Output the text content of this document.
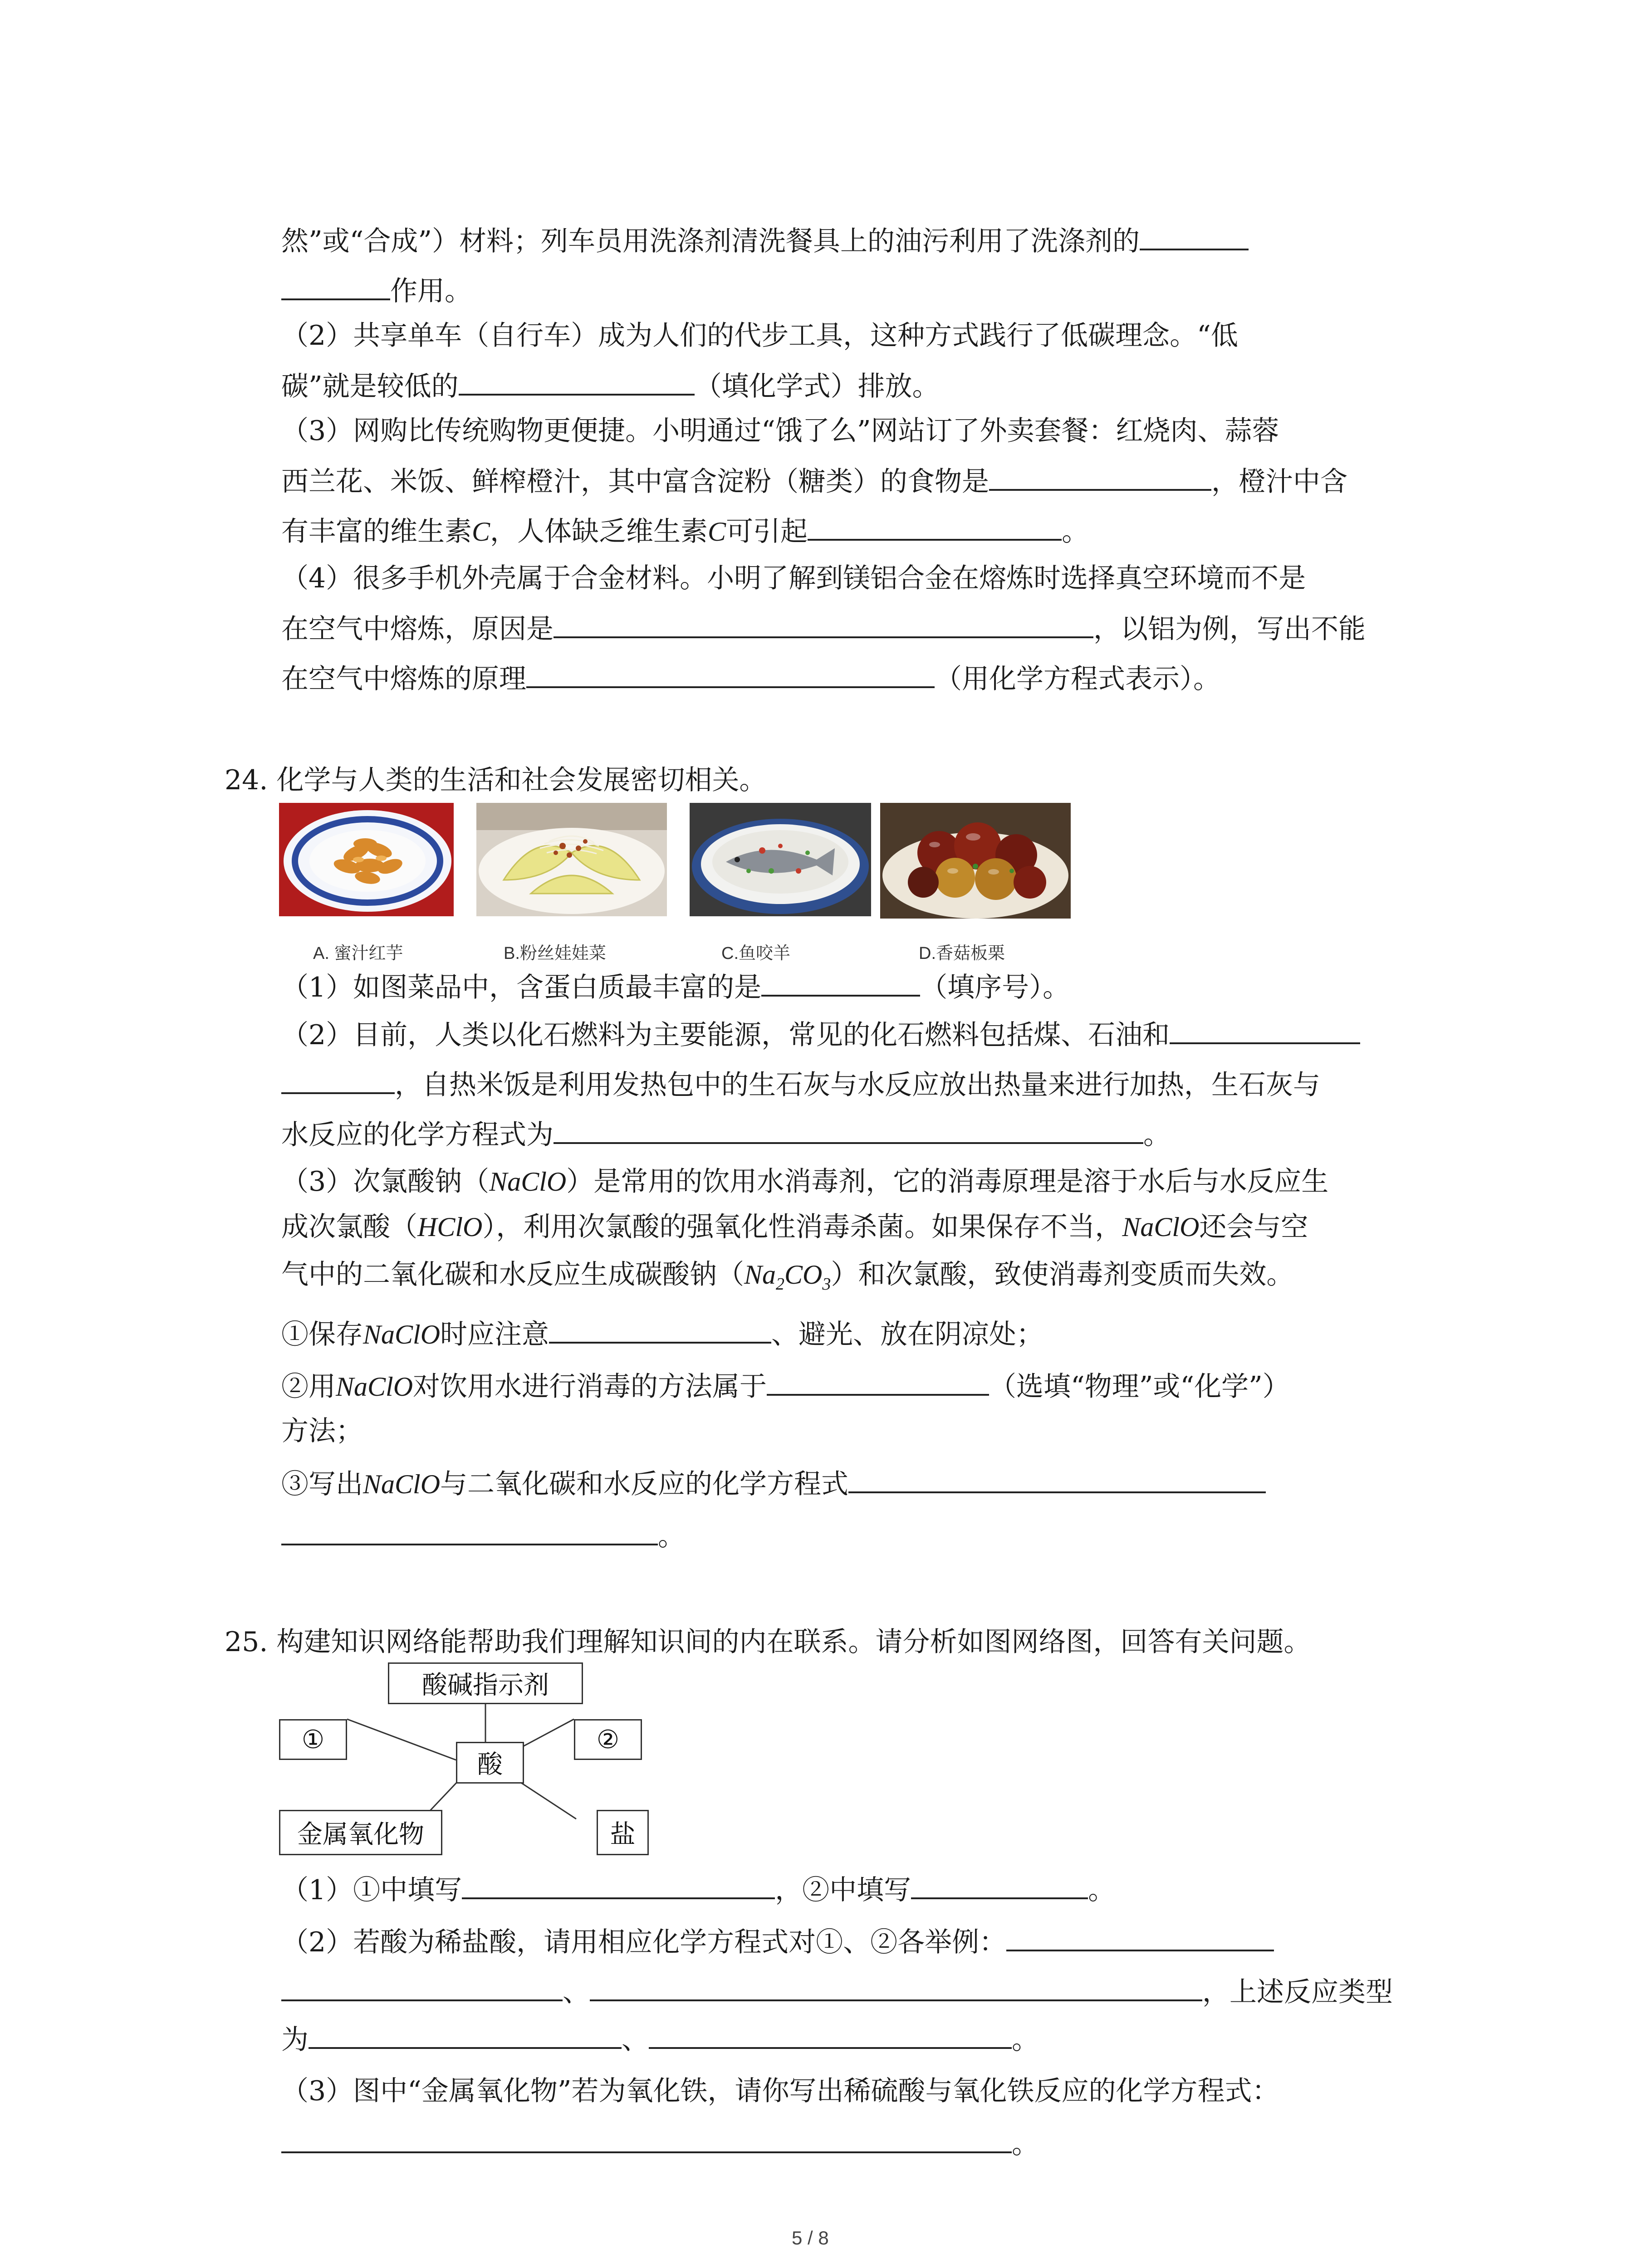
然”或“合成”）材料；列车员用洗涤剂清洗餐具上的油污利用了洗涤剂的
作用。
（2）共享单车（自行车）成为人们的代步工具，这种方式践行了低碳理念。“低
碳”就是较低的	（填化学式）排放。
（3）网购比传统购物更便捷。小明通过“饿了么”网站订了外卖套餐：红烧肉、蒜蓉
西兰花、米饭、鲜榨橙汁，其中富含淀粉（糖类）的食物是	，橙汁中含
有丰富的维生素C，人体缺乏维生素C可引起	。
（4）很多手机外壳属于合金材料。小明了解到镁铝合金在熔炼时选择真空环境而不是
在空气中熔炼，原因是	，以铝为例，写出不能
在空气中熔炼的原理	（用化学方程式表示）。
24. 化学与人类的生活和社会发展密切相关。
A. 蜜汁红芋	B.粉丝娃娃菜	C.鱼咬羊	D.香菇板栗
（1）如图菜品中，含蛋白质最丰富的是	（填序号）。
（2）目前，人类以化石燃料为主要能源，常见的化石燃料包括煤、石油和
，自热米饭是利用发热包中的生石灰与水反应放出热量来进行加热，生石灰与
水反应的化学方程式为	。
（3）次氯酸钠（NaClO）是常用的饮用水消毒剂，它的消毒原理是溶于水后与水反应生
成次氯酸（HClO），利用次氯酸的强氧化性消毒杀菌。如果保存不当，NaClO还会与空
气中的二氧化碳和水反应生成碳酸钠$(Na_2CO_3)$和次氯酸，致使消毒剂变质而失效。
①保存NaClO时应注意	、避光、放在阴凉处；
②用NaClO对饮用水进行消毒的方法属于	（选填“物理”或“化学”）
方法；
③写出NaClO与二氧化碳和水反应的化学方程式
。
25. 构建知识网络能帮助我们理解知识间的内在联系。请分析如图网络图，回答有关问题。
酸碱指示剂
①	②
酸
金属氧化物	盐
（1）①中填写	，②中填写	。
（2）若酸为稀盐酸，请用相应化学方程式对①、②各举例：
、	，上述反应类型
为	、	。
（3）图中“金属氧化物”若为氧化铁，请你写出稀硫酸与氧化铁反应的化学方程式：
。
5 / 8
